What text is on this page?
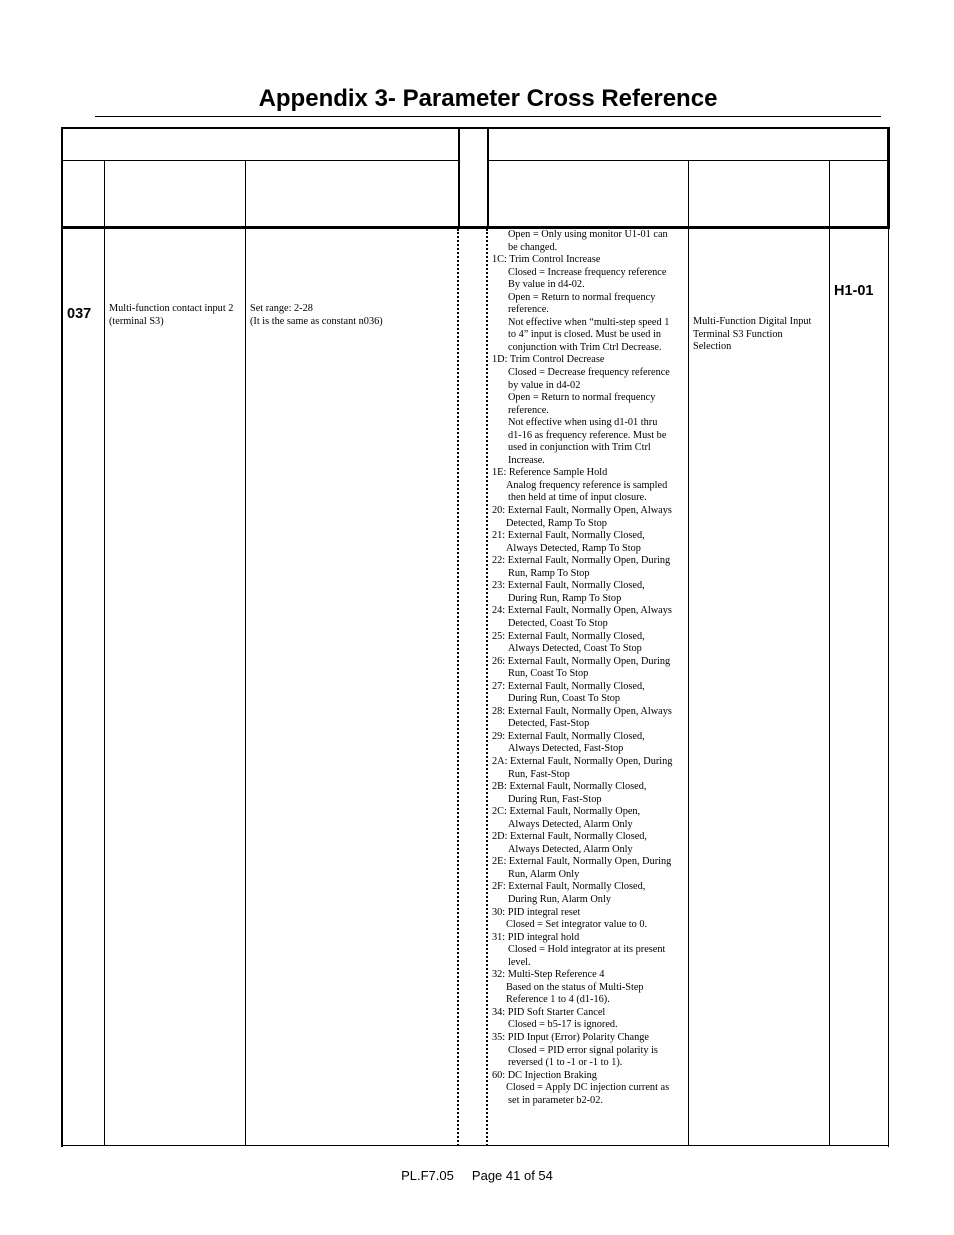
Appendix 3- Parameter Cross Reference
037 Multi-function contact input 2
(terminal S3)
Set range: 2-28
(It is the same as constant n036)
Open = Only using monitor U1-01 can
be changed.
1C: Trim Control Increase
Closed = Increase frequency reference
By value in d4-02.
Open = Return to normal frequency
reference.
Not effective when “multi-step speed 1
to 4” input is closed. Must be used in
conjunction with Trim Ctrl Decrease.
1D: Trim Control Decrease
Closed = Decrease frequency reference
by value in d4-02
Open = Return to normal frequency
reference.
Not effective when using d1-01 thru
d1-16 as frequency reference. Must be
used in conjunction with Trim Ctrl
Increase.
1E: Reference Sample Hold
Analog frequency reference is sampled
then held at time of input closure.
20: External Fault, Normally Open, Always
Detected, Ramp To Stop
21: External Fault, Normally Closed,
Always Detected, Ramp To Stop
22: External Fault, Normally Open, During
Run, Ramp To Stop
23: External Fault, Normally Closed,
During Run, Ramp To Stop
24: External Fault, Normally Open, Always
Detected, Coast To Stop
25: External Fault, Normally Closed,
Always Detected, Coast To Stop
26: External Fault, Normally Open, During
Run, Coast To Stop
27: External Fault, Normally Closed,
During Run, Coast To Stop
28: External Fault, Normally Open, Always
Detected, Fast-Stop
29: External Fault, Normally Closed,
Always Detected, Fast-Stop
2A: External Fault, Normally Open, During
Run, Fast-Stop
2B: External Fault, Normally Closed,
During Run, Fast-Stop
2C: External Fault, Normally Open,
Always Detected, Alarm Only
2D: External Fault, Normally Closed,
Always Detected, Alarm Only
2E: External Fault, Normally Open, During
Run, Alarm Only
2F: External Fault, Normally Closed,
During Run, Alarm Only
30: PID integral reset
Closed = Set integrator value to 0.
31: PID integral hold
Closed = Hold integrator at its present
level.
32: Multi-Step Reference 4
Based on the status of Multi-Step
Reference 1 to 4 (d1-16).
34: PID Soft Starter Cancel
Closed = b5-17 is ignored.
35: PID Input (Error) Polarity Change
Closed = PID error signal polarity is
reversed (1 to -1 or -1 to 1).
60: DC Injection Braking
Closed = Apply DC injection current as
set in parameter b2-02.
Multi-Function Digital Input
Terminal S3 Function
Selection
H1-01
PL.F7.05 Page 41 of 54
